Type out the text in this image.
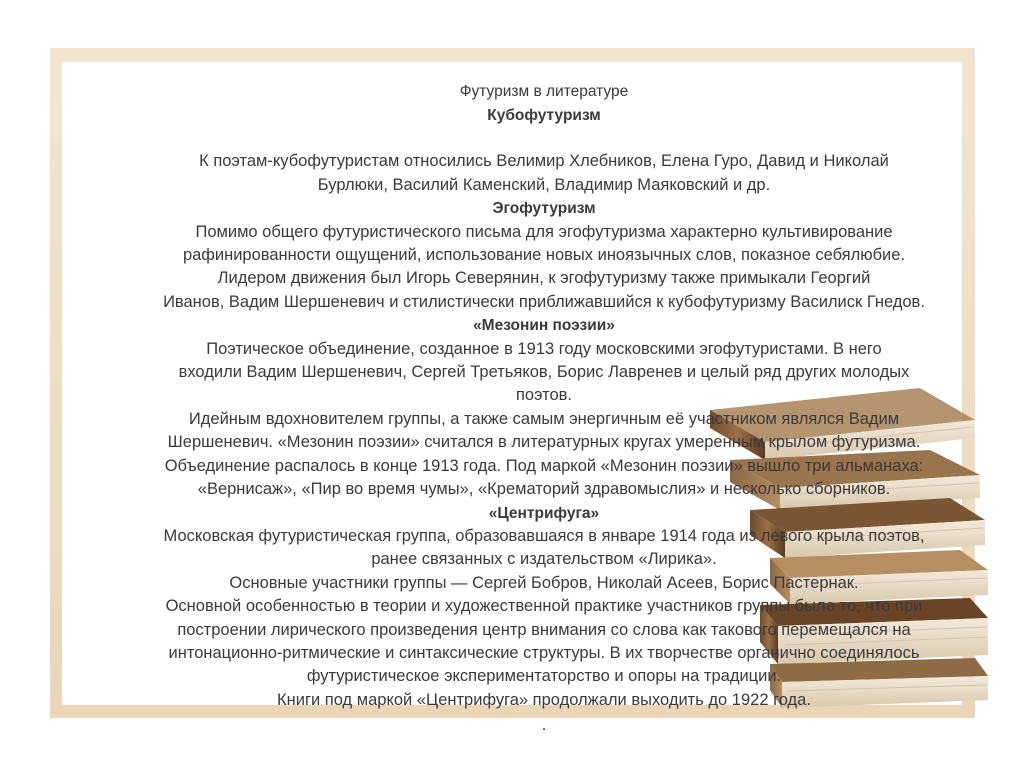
Футуризм в литературе

Кубофутуризм

К поэтам-кубофутуристам относились Велимир Хлебников, Елена Гуро, Давид и Николай

Бурлюки, Василий Каменский, Владимир Маяковский и др.

Эгофутуризм

Помимо общего футуристического письма для эгофутуризма характерно культивирование

рафинированности ощущений, использование новых иноязычных слов, показное себялюбие.

Лидером движения был Игорь Северянин, к эгофутуризму также примыкали Георгий

Иванов, Вадим Шершеневич и стилистически приближавшийся к кубофутуризму Василиск Гнедов.

«Мезонин поэзии»

Поэтическое объединение, созданное в 1913 году московскими эгофутуристами. В него

входили Вадим Шершеневич, Сергей Третьяков, Борис Лавренев и целый ряд других молодых

поэтов.

Идейным вдохновителем группы, а также самым энергичным её участником являлся Вадим

Шершеневич. «Мезонин поэзии» считался в литературных кругах умеренным крылом футуризма.

Объединение распалось в конце 1913 года. Под маркой «Мезонин поэзии» вышло три альманаха:

«Вернисаж», «Пир во время чумы», «Крематорий здравомыслия» и несколько сборников.

«Центрифуга»

Московская футуристическая группа, образовавшаяся в январе 1914 года из левого крыла поэтов,

ранее связанных с издательством «Лирика».

Основные участники группы — Сергей Бобров, Николай Асеев, Борис Пастернак.

Основной особенностью в теории и художественной практике участников группы было то, что при

построении лирического произведения центр внимания со слова как такового перемещался на

интонационно-ритмические и синтаксические структуры. В их творчестве органично соединялось

футуристическое экспериментаторство и опоры на традиции.

Книги под маркой «Центрифуга» продолжали выходить до 1922 года.

.
